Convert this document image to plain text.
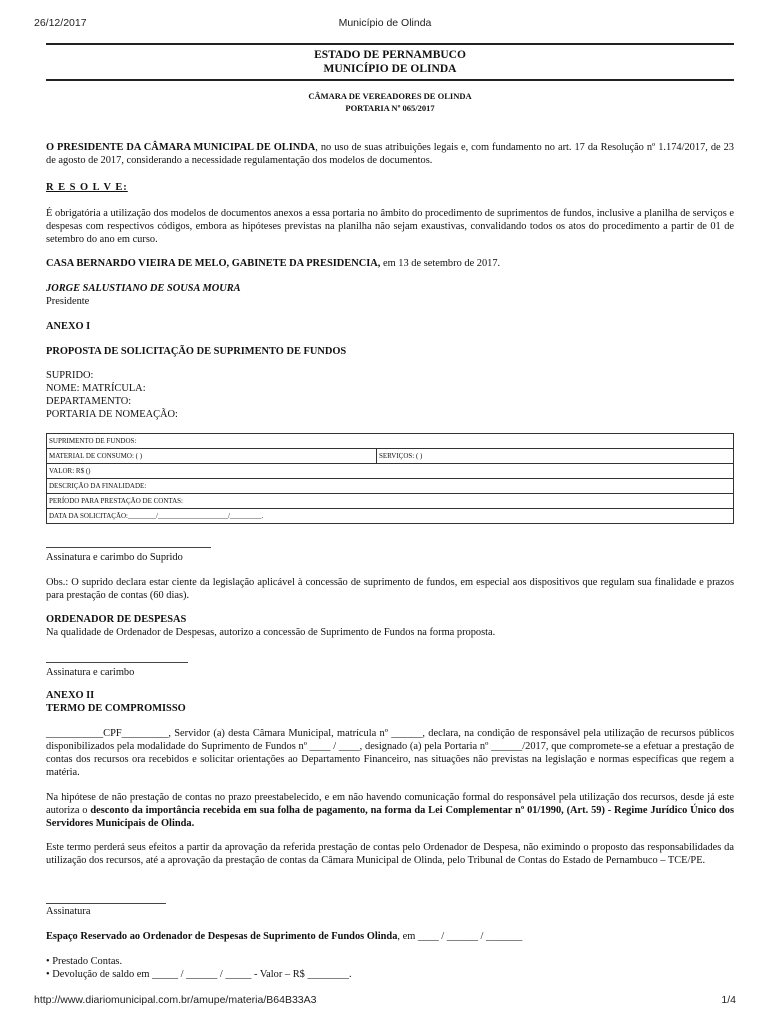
26/12/2017	Município de Olinda
ESTADO DE PERNAMBUCO
MUNICÍPIO DE OLINDA
CÂMARA DE VEREADORES DE OLINDA
PORTARIA Nº 065/2017
O PRESIDENTE DA CÂMARA MUNICIPAL DE OLINDA, no uso de suas atribuições legais e, com fundamento no art. 17 da Resolução nº 1.174/2017, de 23 de agosto de 2017, considerando a necessidade regulamentação dos modelos de documentos.
R E S O L V E:
É obrigatória a utilização dos modelos de documentos anexos a essa portaria no âmbito do procedimento de suprimentos de fundos, inclusive a planilha de serviços e despesas com respectivos códigos, embora as hipóteses previstas na planilha não sejam exaustivas, convalidando todos os atos do procedimento a partir de 01 de setembro do ano em curso.
CASA BERNARDO VIEIRA DE MELO, GABINETE DA PRESIDENCIA, em 13 de setembro de 2017.
JORGE SALUSTIANO DE SOUSA MOURA
Presidente
ANEXO I
PROPOSTA DE SOLICITAÇÃO DE SUPRIMENTO DE FUNDOS
SUPRIDO:
NOME: MATRÍCULA:
DEPARTAMENTO:
PORTARIA DE NOMEAÇÃO:
SUPRIMENTO DE FUNDOS:
MATERIAL DE CONSUMO: ( )	SERVIÇOS: ( )
VALOR: R$ ()
DESCRIÇÃO DA FINALIDADE:
PERÍODO PARA PRESTAÇÃO DE CONTAS:
DATA DA SOLICITAÇÃO:________/____________________/_________.
Assinatura e carimbo do Suprido
Obs.: O suprido declara estar ciente da legislação aplicável à concessão de suprimento de fundos, em especial aos dispositivos que regulam sua finalidade e prazos para prestação de contas (60 dias).
ORDENADOR DE DESPESAS
Na qualidade de Ordenador de Despesas, autorizo a concessão de Suprimento de Fundos na forma proposta.
Assinatura e carimbo
ANEXO II
TERMO DE COMPROMISSO
___________CPF_________, Servidor (a) desta Câmara Municipal, matrícula nº ______, declara, na condição de responsável pela utilização de recursos públicos disponibilizados pela modalidade do Suprimento de Fundos nº ____ / ____, designado (a) pela Portaria nº ______/2017, que compromete-se a efetuar a prestação de contas dos recursos ora recebidos e solicitar orientações ao Departamento Financeiro, nas situações não previstas na legislação e normas específicas que regem a matéria.
Na hipótese de não prestação de contas no prazo preestabelecido, e em não havendo comunicação formal do responsável pela utilização dos recursos, desde já este autoriza o desconto da importância recebida em sua folha de pagamento, na forma da Lei Complementar nº 01/1990, (Art. 59) - Regime Jurídico Único dos Servidores Municipais de Olinda.
Este termo perderá seus efeitos a partir da aprovação da referida prestação de contas pelo Ordenador de Despesa, não eximindo o proposto das responsabilidades da utilização dos recursos, até a aprovação da prestação de contas da Câmara Municipal de Olinda, pelo Tribunal de Contas do Estado de Pernambuco – TCE/PE.
Assinatura
Espaço Reservado ao Ordenador de Despesas de Suprimento de Fundos Olinda, em ____ / ______ / _______
• Prestado Contas.
• Devolução de saldo em _____ / ______ / _____ - Valor – R$ ________.
http://www.diariomunicipal.com.br/amupe/materia/B64B33A3	1/4
